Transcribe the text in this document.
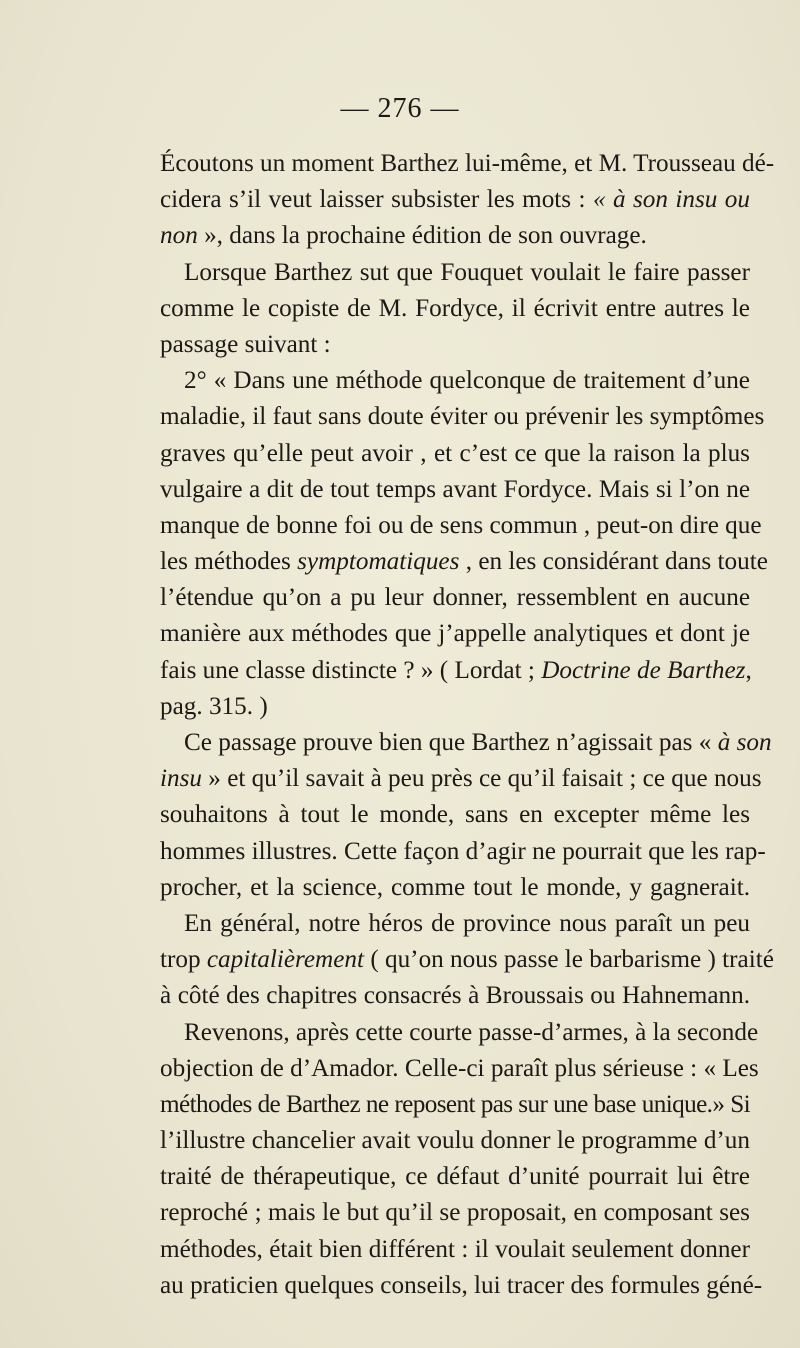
— 276 —
Écoutons un moment Barthez lui-même, et M. Trousseau dé-
cidera s’il veut laisser subsister les mots : « à son insu ou
non », dans la prochaine édition de son ouvrage.
Lorsque Barthez sut que Fouquet voulait le faire passer
comme le copiste de M. Fordyce, il écrivit entre autres le
passage suivant :
2° « Dans une méthode quelconque de traitement d’une
maladie, il faut sans doute éviter ou prévenir les symptômes
graves qu’elle peut avoir , et c’est ce que la raison la plus
vulgaire a dit de tout temps avant Fordyce. Mais si l’on ne
manque de bonne foi ou de sens commun , peut-on dire que
les méthodes symptomatiques , en les considérant dans toute
l’étendue qu’on a pu leur donner, ressemblent en aucune
manière aux méthodes que j’appelle analytiques et dont je
fais une classe distincte ? » ( Lordat ; Doctrine de Barthez,
pag. 315. )
Ce passage prouve bien que Barthez n’agissait pas « à son
insu » et qu’il savait à peu près ce qu’il faisait ; ce que nous
souhaitons à tout le monde, sans en excepter même les
hommes illustres. Cette façon d’agir ne pourrait que les rap-
procher, et la science, comme tout le monde, y gagnerait.
En général, notre héros de province nous paraît un peu
trop capitalièrement ( qu’on nous passe le barbarisme ) traité
à côté des chapitres consacrés à Broussais ou Hahnemann.
Revenons, après cette courte passe-d’armes, à la seconde
objection de d’Amador. Celle-ci paraît plus sérieuse : « Les
méthodes de Barthez ne reposent pas sur une base unique.» Si
l’illustre chancelier avait voulu donner le programme d’un
traité de thérapeutique, ce défaut d’unité pourrait lui être
reproché ; mais le but qu’il se proposait, en composant ses
méthodes, était bien différent : il voulait seulement donner
au praticien quelques conseils, lui tracer des formules géné-
